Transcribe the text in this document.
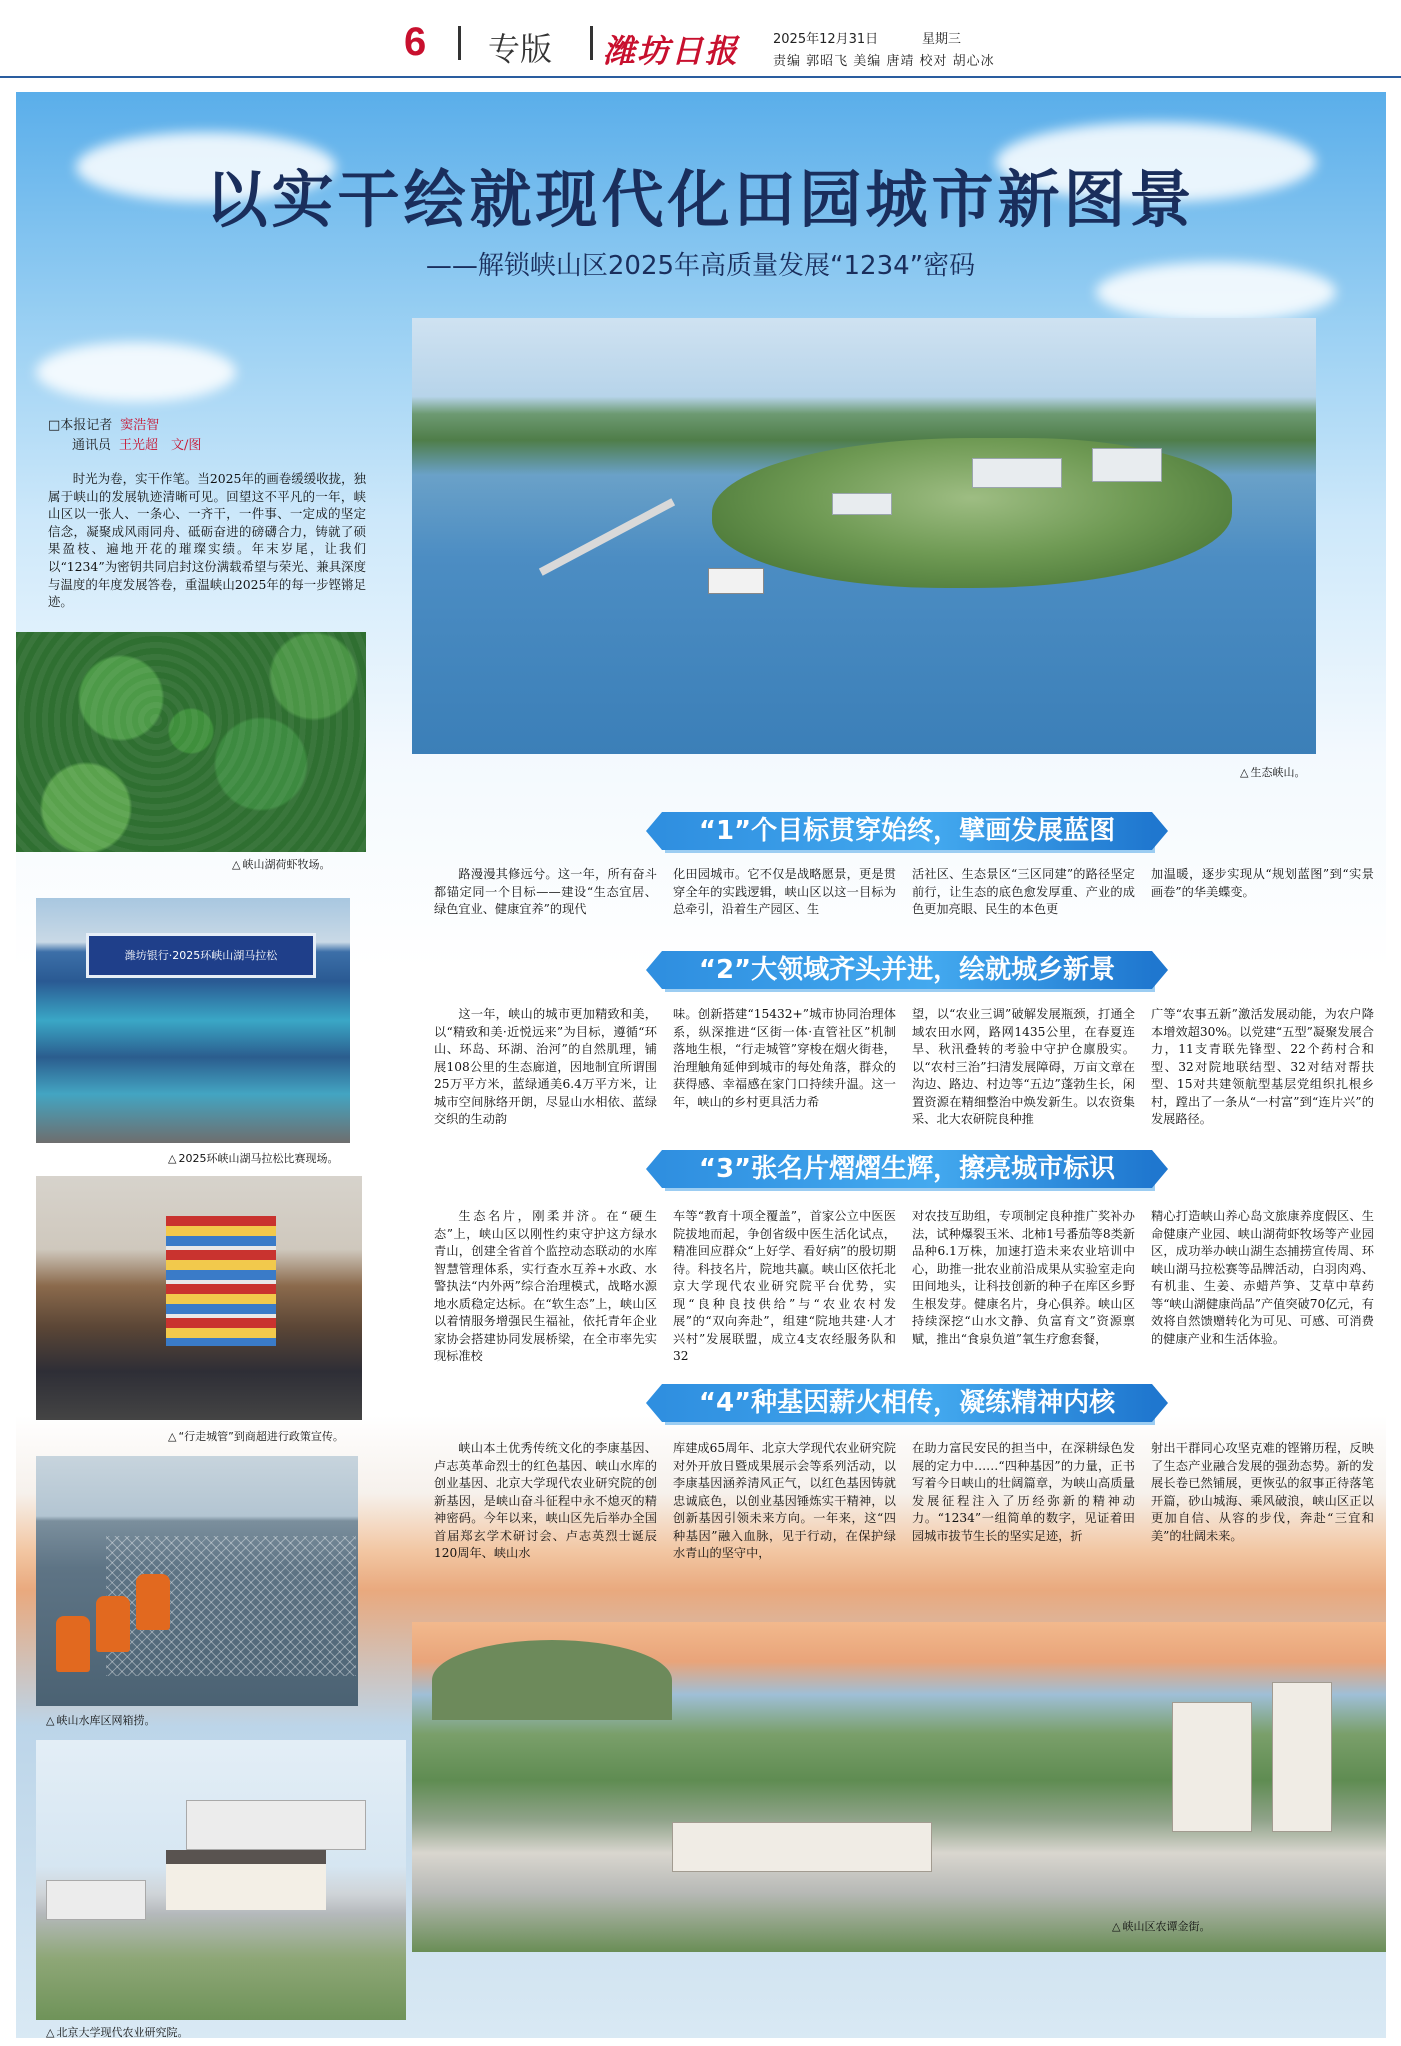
6 专版 潍坊日报	2025年12月31日	星期三
责编 郭昭飞 美编 唐靖 校对 胡心冰
以实干绘就现代化田园城市新图景
——解锁峡山区2025年高质量发展“1234”密码
□本报记者 窦浩智
通讯员 王光超　文/图
时光为卷，实干作笔。当2025年的画卷缓缓收拢，独属于峡山的发展轨迹清晰可见。回望这不平凡的一年，峡山区以一张人、一条心、一齐干，一件事、一定成的坚定信念，凝聚成风雨同舟、砥砺奋进的磅礴合力，铸就了硕果盈枝、遍地开花的璀璨实绩。年末岁尾，让我们以“1234”为密钥共同启封这份满载希望与荣光、兼具深度与温度的年度发展答卷，重温峡山2025年的每一步铿锵足迹。
△ 生态峡山。
△ 峡山湖荷虾牧场。
潍坊银行·2025环峡山湖马拉松
△ 2025环峡山湖马拉松比赛现场。
△ “行走城管”到商超进行政策宣传。
△ 峡山水库区网箱捞。
△ 北京大学现代农业研究院。
△ 峡山区农谭金街。
“1”个目标贯穿始终，擘画发展蓝图

路漫漫其修远兮。这一年，所有奋斗都锚定同一个目标——建设“生态宜居、绿色宜业、健康宜养”的现代

化田园城市。它不仅是战略愿景，更是贯穿全年的实践逻辑，峡山区以这一目标为总牵引，沿着生产园区、生

活社区、生态景区“三区同建”的路径坚定前行，让生态的底色愈发厚重、产业的成色更加亮眼、民生的本色更

加温暖，逐步实现从“规划蓝图”到“实景画卷”的华美蝶变。

“2”大领域齐头并进，绘就城乡新景

这一年，峡山的城市更加精致和美，以“精致和美·近悦远来”为目标，遵循“环山、环岛、环湖、治河”的自然肌理，铺展108公里的生态廊道，因地制宜所谓围25万平方米，蓝绿通美6.4万平方米，让城市空间脉络开朗，尽显山水相依、蓝绿交织的生动韵

味。创新搭建“15432+”城市协同治理体系，纵深推进“区街一体·直管社区”机制落地生根，“行走城管”穿梭在烟火街巷，治理触角延伸到城市的每处角落，群众的获得感、幸福感在家门口持续升温。这一年，峡山的乡村更具活力希

望，以“农业三调”破解发展瓶颈，打通全域农田水网，路网1435公里，在春夏连旱、秋汛叠转的考验中守护仓廪殷实。以“农村三治”扫清发展障碍，万亩文章在沟边、路边、村边等“五边”蓬勃生长，闲置资源在精细整治中焕发新生。以农资集采、北大农研院良种推

广等“农事五新”激活发展动能，为农户降本增效超30%。以党建“五型”凝聚发展合力，11支青联先锋型、22个药村合和型、32对院地联结型、32对结对帮扶型、15对共建领航型基层党组织扎根乡村，蹚出了一条从“一村富”到“连片兴”的发展路径。

“3”张名片熠熠生辉，擦亮城市标识

生态名片，刚柔并济。在“硬生态”上，峡山区以刚性约束守护这方绿水青山，创建全省首个监控动态联动的水库智慧管理体系，实行查水互养+水政、水警执法“内外两”综合治理模式，战略水源地水质稳定达标。在“软生态”上，峡山区以着情服务增强民生福祉，依托青年企业家协会搭建协同发展桥梁，在全市率先实现标准校

车等“教育十项全覆盖”，首家公立中医医院拔地而起，争创省级中医生活化试点，精准回应群众“上好学、看好病”的殷切期待。科技名片，院地共赢。峡山区依托北京大学现代农业研究院平台优势，实现“良种良技供给”与“农业农村发展”的“双向奔赴”，组建“院地共建·人才兴村”发展联盟，成立4支农经服务队和32

对农技互助组，专项制定良种推广奖补办法，试种爆裂玉米、北柿1号番茄等8类新品种6.1万株，加速打造未来农业培训中心，助推一批农业前沿成果从实验室走向田间地头，让科技创新的种子在库区乡野生根发芽。健康名片，身心俱养。峡山区持续深挖“山水文静、负富育文”资源禀赋，推出“食泉负道”氧生疗愈套餐，

精心打造峡山养心岛文旅康养度假区、生命健康产业园、峡山湖荷虾牧场等产业园区，成功举办峡山湖生态捕捞宣传周、环峡山湖马拉松赛等品牌活动，白羽肉鸡、有机韭、生姜、赤蜡芦笋、艾草中草药等“峡山湖健康尚品”产值突破70亿元，有效将自然馈赠转化为可见、可感、可消费的健康产业和生活体验。

“4”种基因薪火相传，凝练精神内核

峡山本土优秀传统文化的李康基因、卢志英革命烈士的红色基因、峡山水库的创业基因、北京大学现代农业研究院的创新基因，是峡山奋斗征程中永不熄灭的精神密码。今年以来，峡山区先后举办全国首届郑玄学术研讨会、卢志英烈士诞辰120周年、峡山水

库建成65周年、北京大学现代农业研究院对外开放日暨成果展示会等系列活动，以李康基因涵养清风正气，以红色基因铸就忠诚底色，以创业基因锤炼实干精神，以创新基因引领未来方向。一年来，这“四种基因”融入血脉，见于行动，在保护绿水青山的坚守中，

在助力富民安民的担当中，在深耕绿色发展的定力中……“四种基因”的力量，正书写着今日峡山的壮阔篇章，为峡山高质量发展征程注入了历经弥新的精神动力。“1234”一组简单的数字，见证着田园城市拔节生长的坚实足迹，折

射出干群同心攻坚克难的铿锵历程，反映了生态产业融合发展的强劲态势。新的发展长卷已然铺展，更恢弘的叙事正待落笔开篇，砂山城海、乘风破浪，峡山区正以更加自信、从容的步伐，奔赴“三宜和美”的壮阔未来。
